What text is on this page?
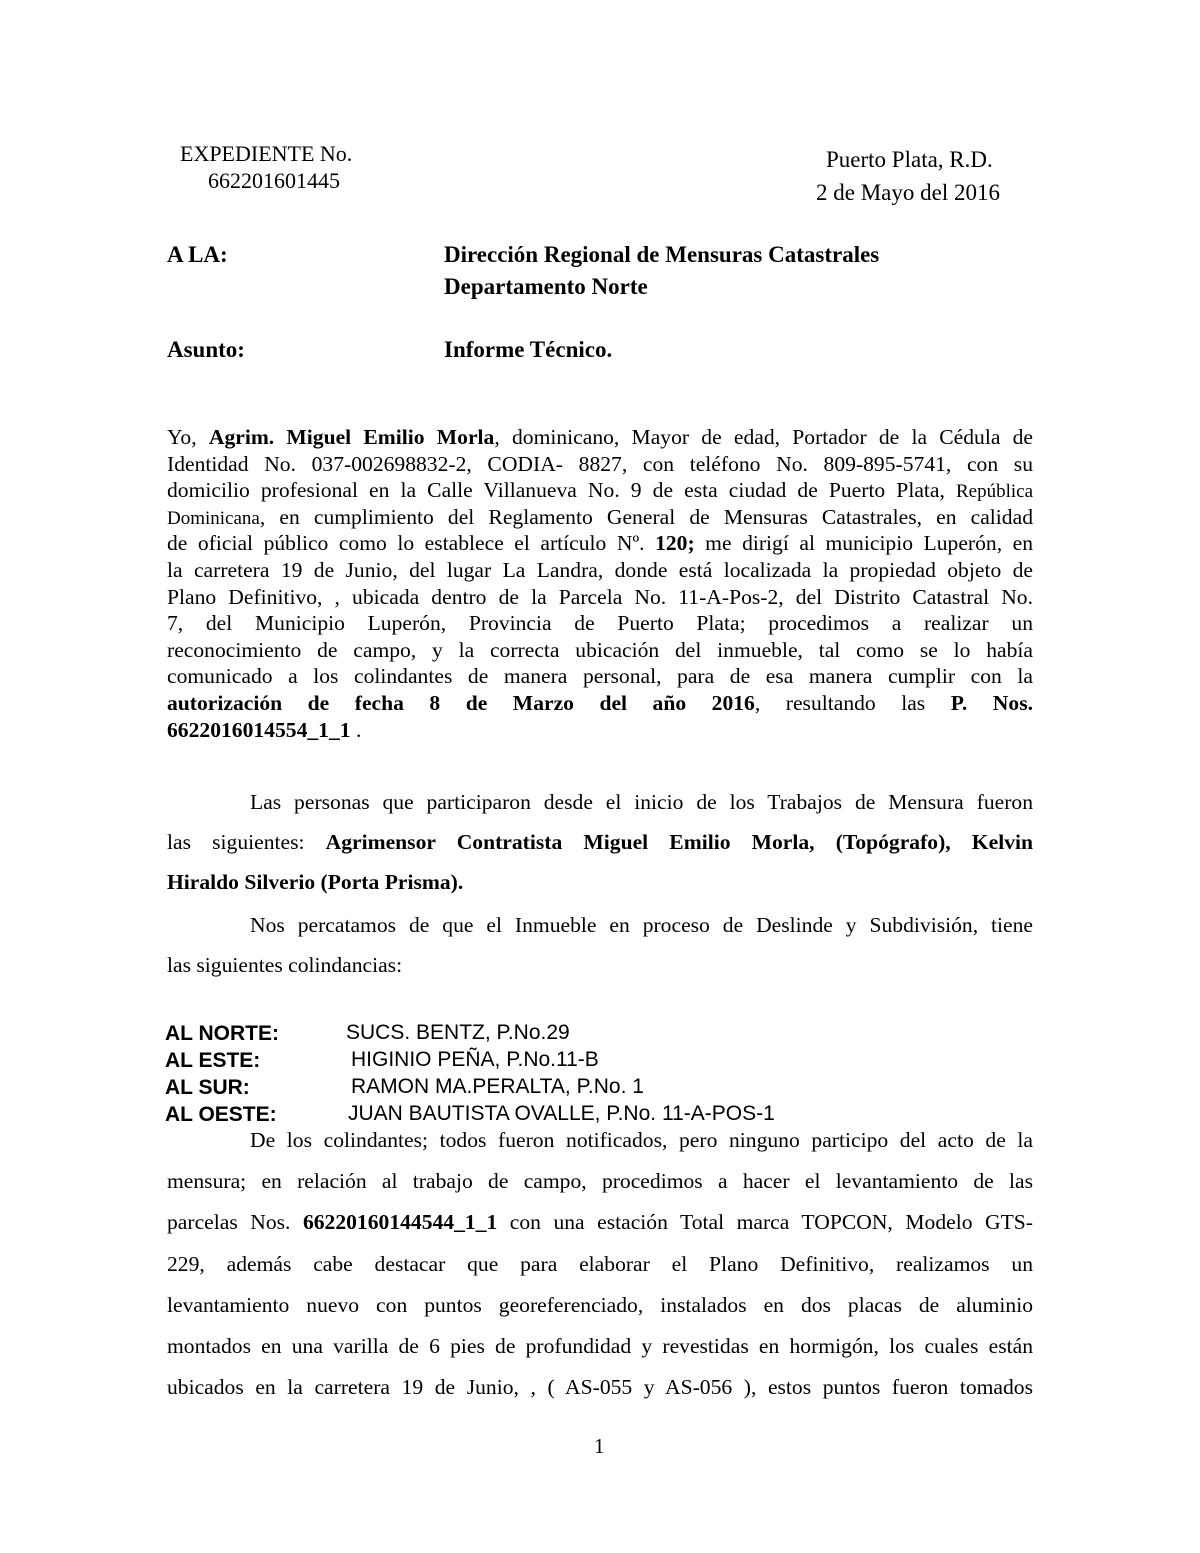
EXPEDIENTE No.
662201601445
Puerto Plata, R.D.
2 de Mayo del 2016
A LA:	Dirección Regional de Mensuras Catastrales
Departamento Norte
Asunto:	Informe Técnico.
Yo, Agrim. Miguel Emilio Morla, dominicano, Mayor de edad, Portador de la Cédula de
Identidad No. 037-002698832-2, CODIA- 8827, con teléfono No. 809-895-5741, con su
domicilio profesional en la Calle Villanueva No. 9 de esta ciudad de Puerto Plata, República
Dominicana, en cumplimiento del Reglamento General de Mensuras Catastrales, en calidad
de oficial público como lo establece el artículo Nº. 120; me dirigí al municipio Luperón, en
la carretera 19 de Junio, del lugar La Landra, donde está localizada la propiedad objeto de
Plano Definitivo, , ubicada dentro de la Parcela No. 11-A-Pos-2, del Distrito Catastral No.
7, del Municipio Luperón, Provincia de Puerto Plata; procedimos a realizar un
reconocimiento de campo, y la correcta ubicación del inmueble, tal como se lo había
comunicado a los colindantes de manera personal, para de esa manera cumplir con la
autorización de fecha 8 de Marzo del año 2016, resultando las P. Nos.
6622016014554_1_1 .
Las personas que participaron desde el inicio de los Trabajos de Mensura fueron
las siguientes: Agrimensor Contratista Miguel Emilio Morla, (Topógrafo), Kelvin
Hiraldo Silverio (Porta Prisma).
Nos percatamos de que el Inmueble en proceso de Deslinde y Subdivisión, tiene
las siguientes colindancias:
AL NORTE:	SUCS. BENTZ, P.No.29
AL ESTE:	HIGINIO PEÑA, P.No.11-B
AL SUR:	RAMON MA.PERALTA, P.No. 1
AL OESTE:	JUAN BAUTISTA OVALLE, P.No. 11-A-POS-1
De los colindantes; todos fueron notificados, pero ninguno participo del acto de la
mensura; en relación al trabajo de campo, procedimos a hacer el levantamiento de las
parcelas Nos. 66220160144544_1_1 con una estación Total marca TOPCON, Modelo GTS-
229, además cabe destacar que para elaborar el Plano Definitivo, realizamos un
levantamiento nuevo con puntos georeferenciado, instalados en dos placas de aluminio
montados en una varilla de 6 pies de profundidad y revestidas en hormigón, los cuales están
ubicados en la carretera 19 de Junio, , ( AS-055 y AS-056 ), estos puntos fueron tomados
1
